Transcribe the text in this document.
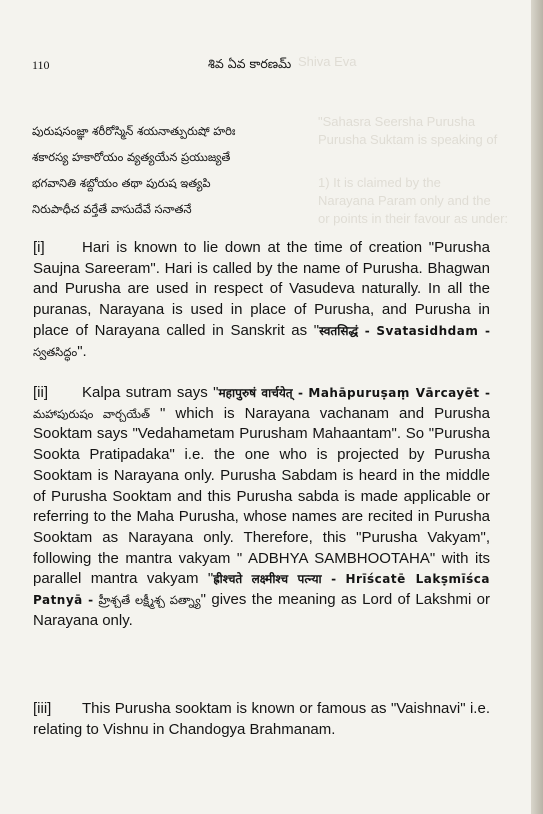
Shiva Eva
"Sahasra Seersha Purusha
Purusha Suktam is speaking of
1) It is claimed by the
Narayana Param only and the
or points in their favour as under:
110	శివ ఏవ కారణమ్
పురుషసంజ్ఞా శరీరోస్మిన్ శయనాత్పురుషో హరిః
శకారస్య హకారోయం వ్యత్యయేన ప్రయుజ్యతే
భగవానితి శబ్దోయం తథా పురుష ఇత్యపి
నిరుపాధీచ వర్తేతే వాసుదేవే సనాతనే
[i] Hari is known to lie down at the time of creation "Purusha Saujna Sareeram". Hari is called by the name of Purusha. Bhagwan and Purusha are used in respect of Vasudeva naturally. In all the puranas, Narayana is used in place of Purusha, and Purusha in place of Narayana called in Sanskrit as "स्वतसिद्धं - Svatasidhdam - స్వతసిద్ధం".
[ii] Kalpa sutram says "महापुरुषं वार्चयेत् - Mahāpuruṣaṃ Vārcayēt - మహాపురుషం వార్చయేత్ " which is Narayana vachanam and Purusha Sooktam says "Vedahametam Purusham Mahaantam". So "Purusha Sookta Pratipadaka" i.e. the one who is projected by Purusha Sooktam is Narayana only. Purusha Sabdam is heard in the middle of Purusha Sooktam and this Purusha sabda is made applicable or referring to the Maha Purusha, whose names are recited in Purusha Sooktam as Narayana only. Therefore, this "Purusha Vakyam", following the mantra vakyam " ADBHYA SAMBHOOTAHA" with its parallel mantra vakyam "ह्रीश्चते लक्ष्मीश्च पत्न्या - Hrīścatē Lakṣmīśca Patnyā - హ్రీశ్చతే లక్ష్మీశ్చ పత్న్యా" gives the meaning as Lord of Lakshmi or Narayana only.
[iii] This Purusha sooktam is known or famous as "Vaishnavi" i.e. relating to Vishnu in Chandogya Brahmanam.
